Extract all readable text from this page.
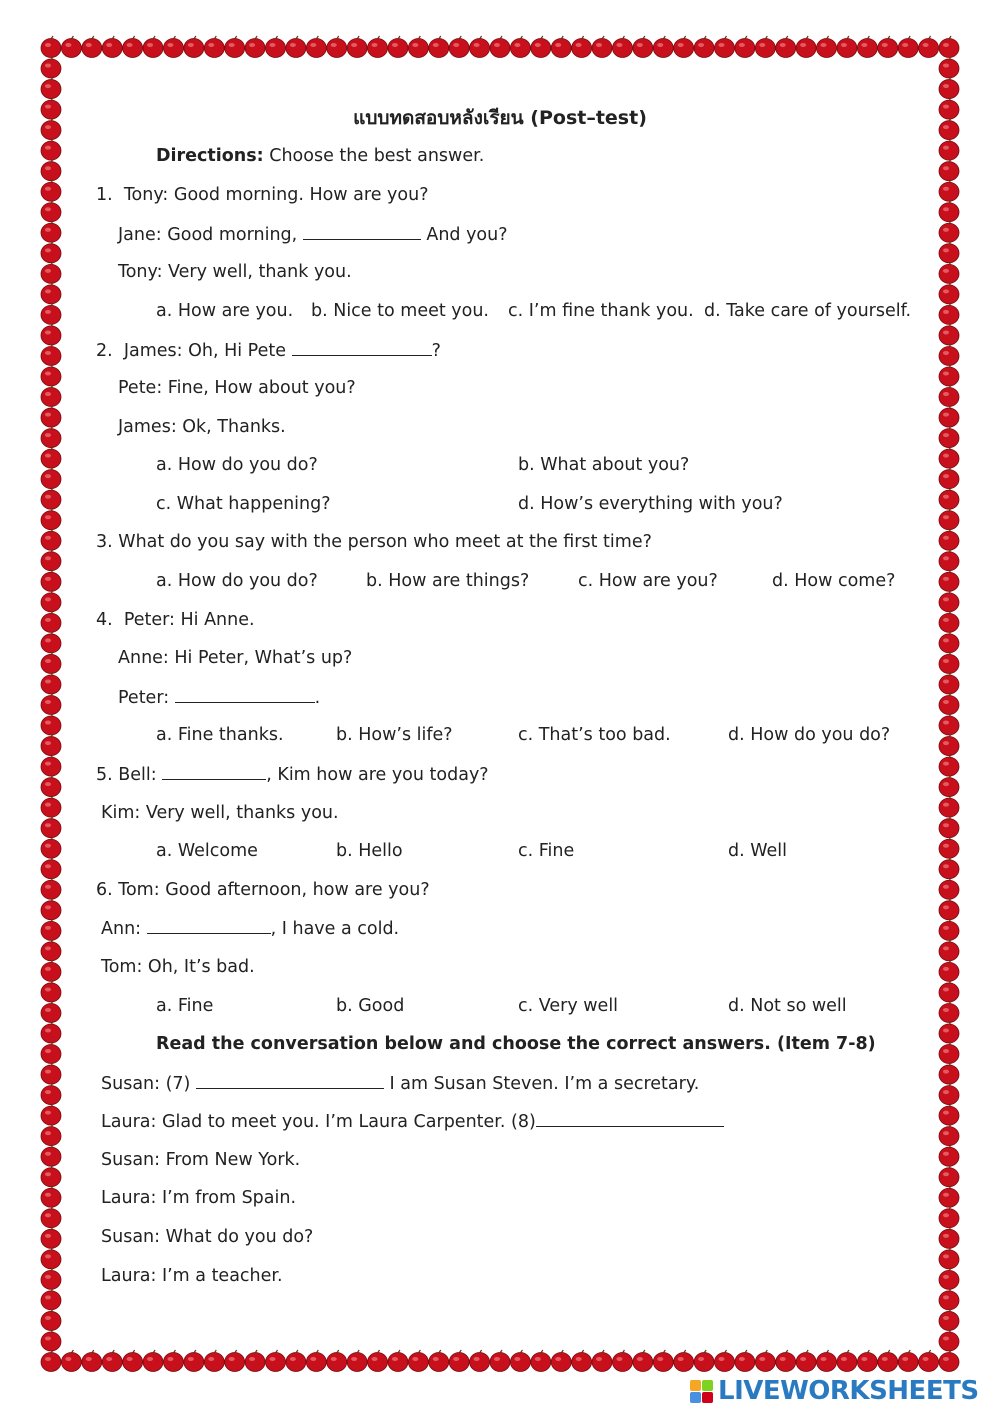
แบบทดสอบหลังเรียน (Post–test)
Directions: Choose the best answer.
1.  Tony: Good morning. How are you?
Jane: Good morning,	And you?
Tony: Very well, thank you.
a. How are you. b. Nice to meet you. c. I’m fine thank you. d. Take care of yourself.
2.  James: Oh, Hi Pete	?
Pete: Fine, How about you?
James: Ok, Thanks.
a. How do you do?	b. What about you?
c. What happening?	d. How’s everything with you?
3. What do you say with the person who meet at the first time?
a. How do you do?	b. How are things?	c. How are you?	d. How come?
4.  Peter: Hi Anne.
Anne: Hi Peter, What’s up?
Peter:	.
a. Fine thanks.	b. How’s life?	c. That’s too bad.	d. How do you do?
5. Bell:	, Kim how are you today?
Kim: Very well, thanks you.
a. Welcome	b. Hello	c. Fine	d. Well
6. Tom: Good afternoon, how are you?
Ann:	, I have a cold.
Tom: Oh, It’s bad.
a. Fine	b. Good	c. Very well	d. Not so well
Read the conversation below and choose the correct answers. (Item 7-8)
Susan: (7)	I am Susan Steven. I’m a secretary.
Laura: Glad to meet you. I’m Laura Carpenter. (8)
Susan: From New York.
Laura: I’m from Spain.
Susan: What do you do?
Laura: I’m a teacher.
LIVEWORKSHEETS
